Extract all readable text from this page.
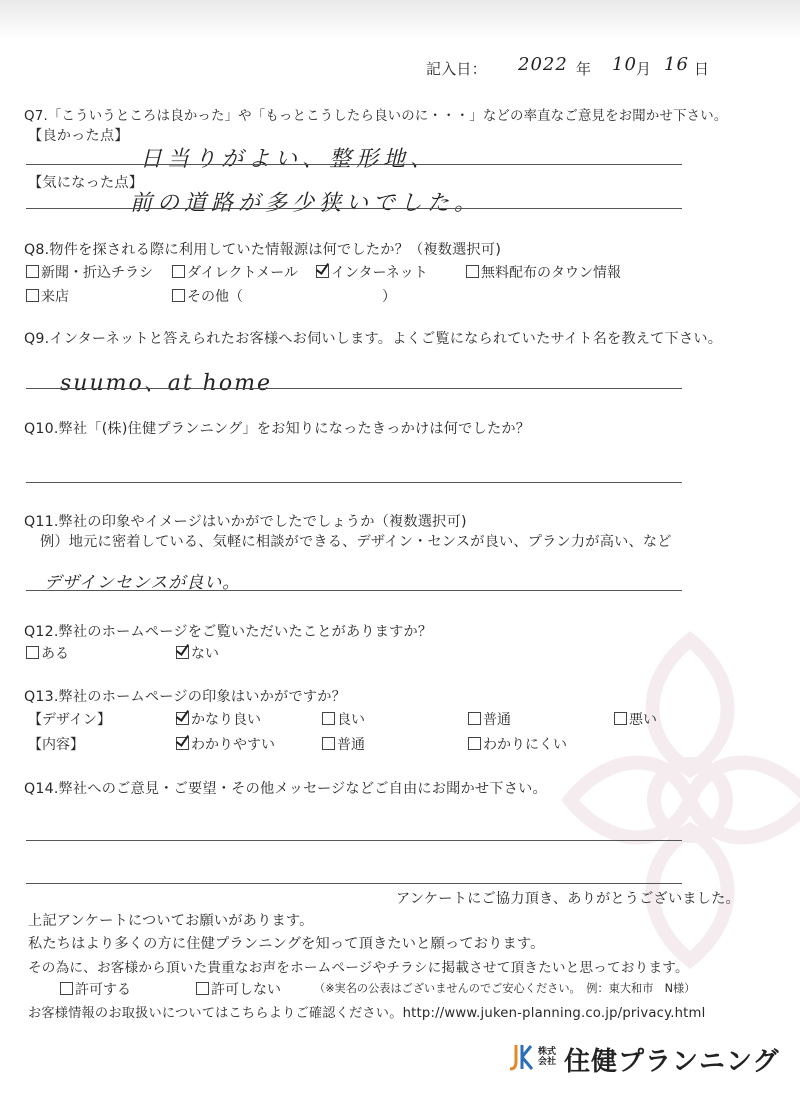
記入日： 2022 年 10 月 16 日
Q7.「こういうところは良かった」や「もっとこうしたら良いのに・・・」などの率直なご意見をお聞かせ下さい。
【良かった点】
日当りがよい、整形地、
【気になった点】
前の道路が多少狭いでした。
Q8.物件を探される際に利用していた情報源は何でしたか？（複数選択可)
新聞・折込チラシ	ダイレクトメール	インターネット	無料配布のタウン情報
来店	その他（	）
Q9.インターネットと答えられたお客様へお伺いします。よくご覧になられていたサイト名を教えて下さい。
suumo、at home
Q10.弊社「(株)住健プランニング」をお知りになったきっかけは何でしたか？
Q11.弊社の印象やイメージはいかがでしたでしょうか（複数選択可)
例）地元に密着している、気軽に相談ができる、デザイン・センスが良い、プラン力が高い、など
デザインセンスが良い。
Q12.弊社のホームページをご覧いただいたことがありますか？
ある	ない
Q13.弊社のホームページの印象はいかがですか？
【デザイン】	かなり良い	良い	普通	悪い
【内容】	わかりやすい	普通	わかりにくい
Q14.弊社へのご意見・ご要望・その他メッセージなどご自由にお聞かせ下さい。
アンケートにご協力頂き、ありがとうございました。
上記アンケートについてお願いがあります。
私たちはより多くの方に住健プランニングを知って頂きたいと願っております。
その為に、お客様から頂いた貴重なお声をホームページやチラシに掲載させて頂きたいと思っております。
許可する	許可しない	（※実名の公表はございませんのでご安心ください。　例：東大和市　N様）
お客様情報のお取扱いについてはこちらよりご確認ください。http://www.juken-planning.co.jp/privacy.html
株式会社 住健プランニング
